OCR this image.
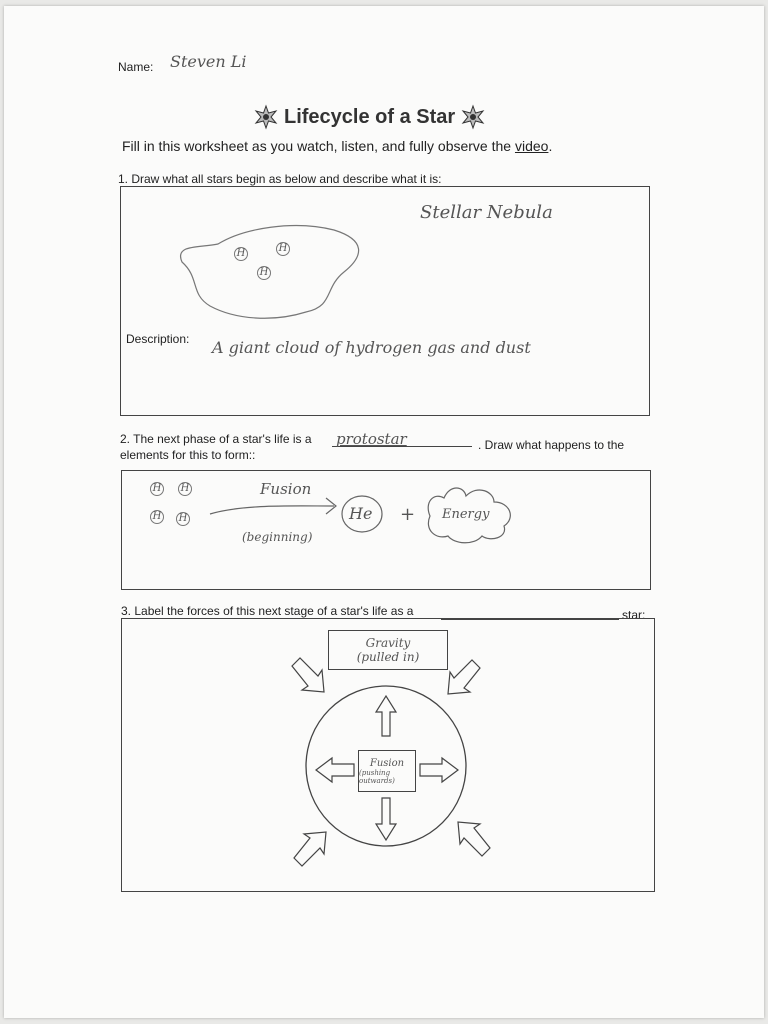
Name: Steven Li
Lifecycle of a Star
Fill in this worksheet as you watch, listen, and fully observe the video.
1. Draw what all stars begin as below and describe what it is:
Stellar Nebula
H	H
H
Description: A giant cloud of hydrogen gas and dust
2. The next phase of a star's life is a protostar	. Draw what happens to the
elements for this to form::
H H
H H
Fusion
(beginning)
He + Energy
3. Label the forces of this next stage of a star's life as a	star:
Gravity
(pulled in)
Fusion
(pushing outwards)
